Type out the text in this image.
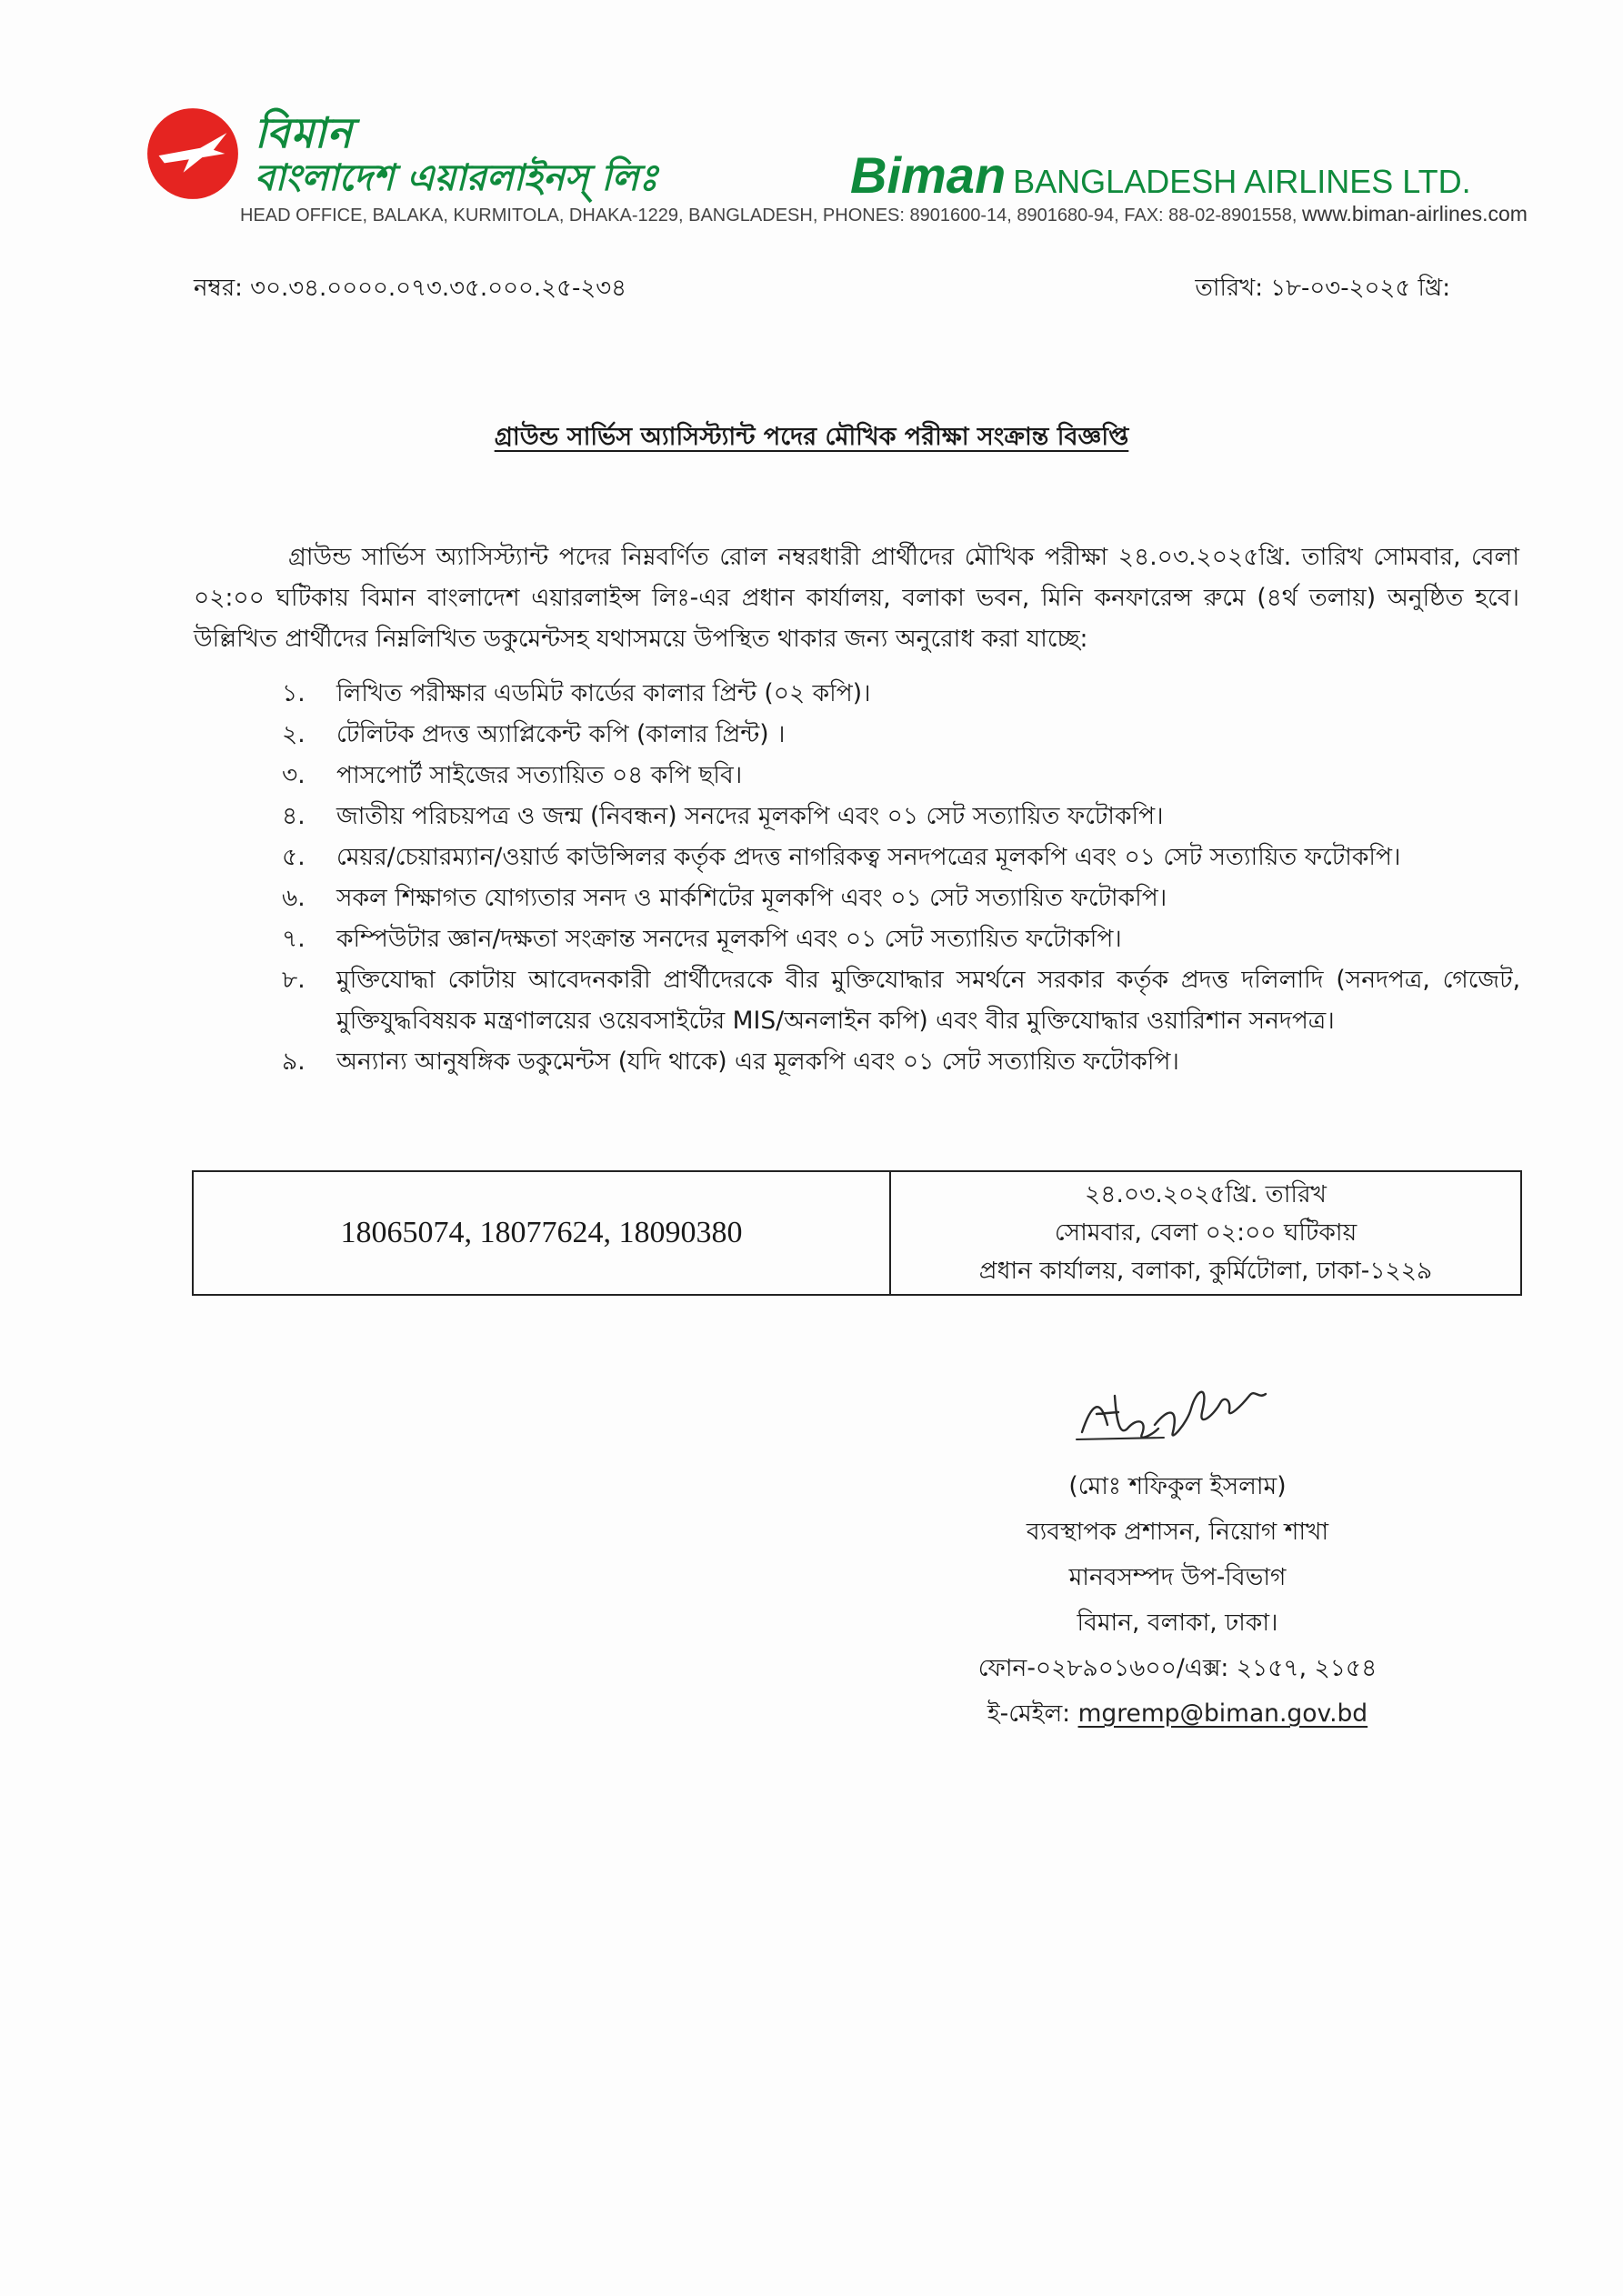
বিমান
বাংলাদেশ এয়ারলাইনস্ লিঃ	Biman BANGLADESH AIRLINES LTD.
HEAD OFFICE, BALAKA, KURMITOLA, DHAKA-1229, BANGLADESH, PHONES: 8901600-14, 8901680-94, FAX: 88-02-8901558, www.biman-airlines.com
নম্বর: ৩০.৩৪.০০০০.০৭৩.৩৫.০০০.২৫-২৩৪	তারিখ: ১৮-০৩-২০২৫ খ্রি:
গ্রাউন্ড সার্ভিস অ্যাসিস্ট্যান্ট পদের মৌখিক পরীক্ষা সংক্রান্ত বিজ্ঞপ্তি
গ্রাউন্ড সার্ভিস অ্যাসিস্ট্যান্ট পদের নিম্নবর্ণিত রোল নম্বরধারী প্রার্থীদের মৌখিক পরীক্ষা ২৪.০৩.২০২৫খ্রি. তারিখ সোমবার, বেলা ০২:০০ ঘটিকায় বিমান বাংলাদেশ এয়ারলাইন্স লিঃ-এর প্রধান কার্যালয়, বলাকা ভবন, মিনি কনফারেন্স রুমে (৪র্থ তলায়) অনুষ্ঠিত হবে। উল্লিখিত প্রার্থীদের নিম্নলিখিত ডকুমেন্টসহ যথাসময়ে উপস্থিত থাকার জন্য অনুরোধ করা যাচ্ছে:
১. লিখিত পরীক্ষার এডমিট কার্ডের কালার প্রিন্ট (০২ কপি)।
২. টেলিটক প্রদত্ত অ্যাপ্লিকেন্ট কপি (কালার প্রিন্ট) ।
৩. পাসপোর্ট সাইজের সত্যায়িত ০৪ কপি ছবি।
৪. জাতীয় পরিচয়পত্র ও জন্ম (নিবন্ধন) সনদের মূলকপি এবং ০১ সেট সত্যায়িত ফটোকপি।
৫. মেয়র/চেয়ারম্যান/ওয়ার্ড কাউন্সিলর কর্তৃক প্রদত্ত নাগরিকত্ব সনদপত্রের মূলকপি এবং ০১ সেট সত্যায়িত ফটোকপি।
৬. সকল শিক্ষাগত যোগ্যতার সনদ ও মার্কশিটের মূলকপি এবং ০১ সেট সত্যায়িত ফটোকপি।
৭. কম্পিউটার জ্ঞান/দক্ষতা সংক্রান্ত সনদের মূলকপি এবং ০১ সেট সত্যায়িত ফটোকপি।
৮. মুক্তিযোদ্ধা কোটায় আবেদনকারী প্রার্থীদেরকে বীর মুক্তিযোদ্ধার সমর্থনে সরকার কর্তৃক প্রদত্ত দলিলাদি (সনদপত্র, গেজেট, মুক্তিযুদ্ধবিষয়ক মন্ত্রণালয়ের ওয়েবসাইটের MIS/অনলাইন কপি) এবং বীর মুক্তিযোদ্ধার ওয়ারিশান সনদপত্র।
৯. অন্যান্য আনুষঙ্গিক ডকুমেন্টস (যদি থাকে) এর মূলকপি এবং ০১ সেট সত্যায়িত ফটোকপি।
18065074, 18077624, 18090380
২৪.০৩.২০২৫খ্রি. তারিখ
সোমবার, বেলা ০২:০০ ঘটিকায়
প্রধান কার্যালয়, বলাকা, কুর্মিটোলা, ঢাকা-১২২৯
(মোঃ শফিকুল ইসলাম)
ব্যবস্থাপক প্রশাসন, নিয়োগ শাখা
মানবসম্পদ উপ-বিভাগ
বিমান, বলাকা, ঢাকা।
ফোন-০২৮৯০১৬০০/এক্স: ২১৫৭, ২১৫৪
ই-মেইল: mgremp@biman.gov.bd
